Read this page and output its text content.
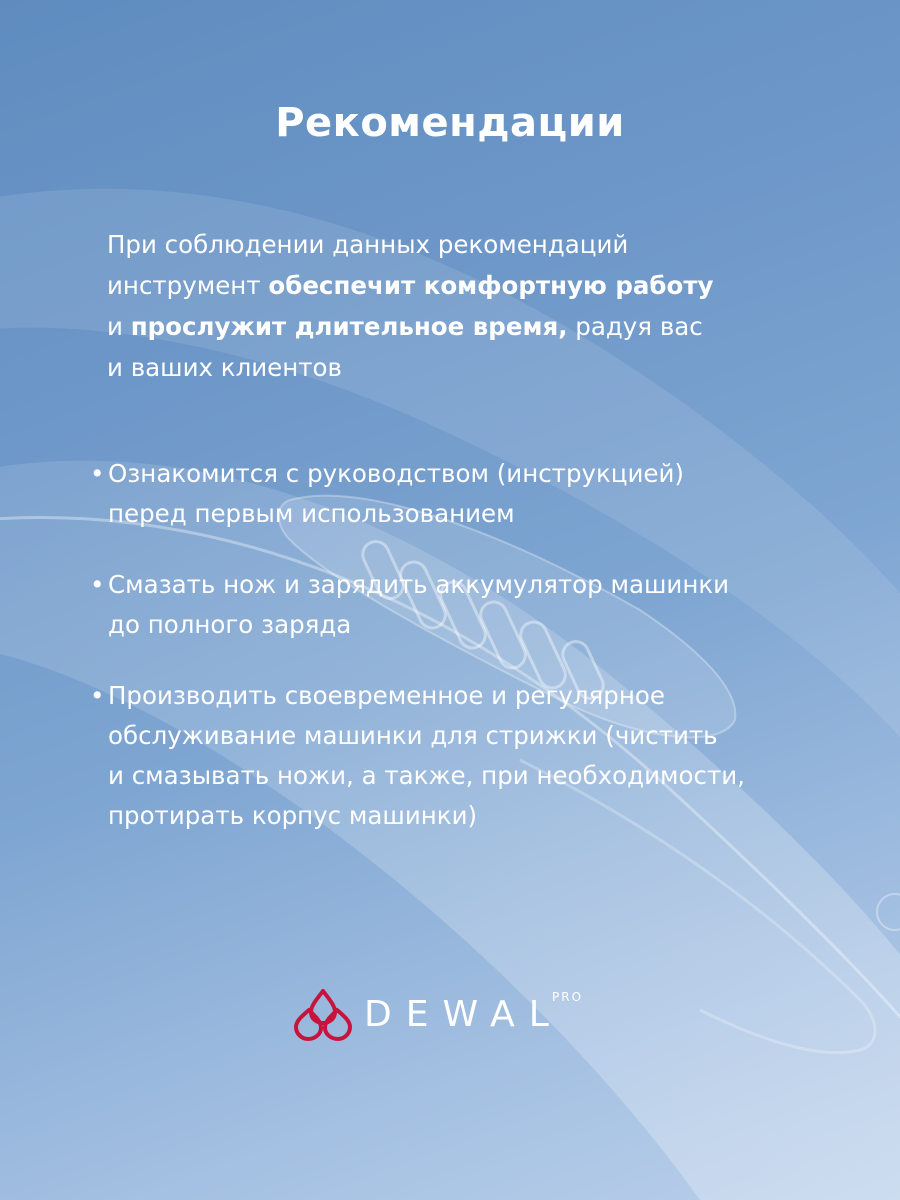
Рекомендации

При соблюдении данных рекомендаций
инструмент обеспечит комфортную работу
и прослужит длительное время, радуя вас
и ваших клиентов

• Ознакомится с руководством (инструкцией)
перед первым использованием
• Смазать нож и зарядить аккумулятор машинки
до полного заряда
• Производить своевременное и регулярное
обслуживание машинки для стрижки (чистить
и смазывать ножи, а также, при необходимости,
протирать корпус машинки)
DEWAL
PRO
